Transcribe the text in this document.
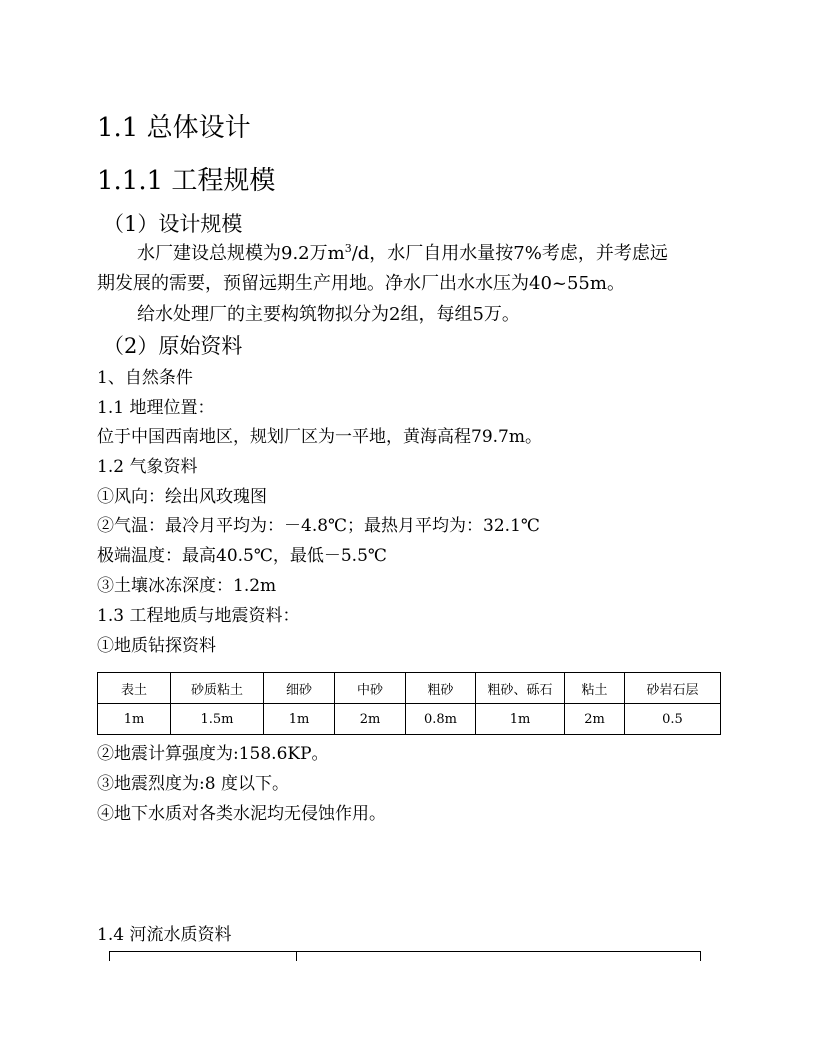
1.1 总体设计
1.1.1 工程规模
（1）设计规模
水厂建设总规模为9.2万$m^3/d$，水厂自用水量按7%考虑，并考虑远
期发展的需要，预留远期生产用地。净水厂出水水压为40~55m。
给水处理厂的主要构筑物拟分为2组，每组5万。
（2）原始资料
1、自然条件
1.1 地理位置：
位于中国西南地区，规划厂区为一平地，黄海高程79.7m。
1.2 气象资料
①风向：绘出风玫瑰图
②气温：最冷月平均为：－4.8℃；最热月平均为：32.1℃
极端温度：最高40.5℃，最低－5.5℃
③土壤冰冻深度：1.2m
1.3 工程地质与地震资料：
①地质钻探资料
表土	砂质粘土	细砂	中砂	粗砂	粗砂、砾石	粘土	砂岩石层
1m	1.5m	1m	2m	0.8m	1m	2m	0.5
②地震计算强度为:158.6KP。
③地震烈度为:8 度以下。
④地下水质对各类水泥均无侵蚀作用。
1.4 河流水质资料
